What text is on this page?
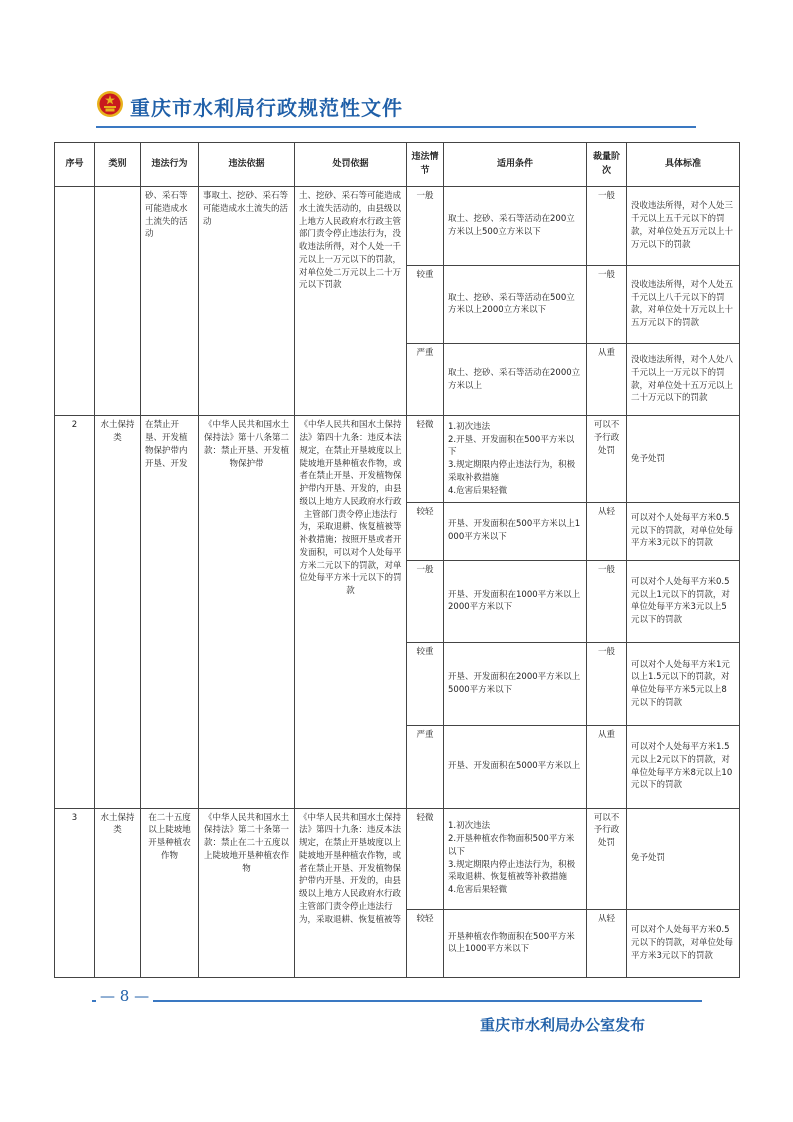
重庆市水利局行政规范性文件
序号	类别	违法行为	违法依据	处罚依据	违法情节	适用条件	裁量阶次	具体标准
		砂、采石等可能造成水土流失的活动	事取土、挖砂、采石等可能造成水土流失的活动	土、挖砂、采石等可能造成水土流失活动的，由县级以上地方人民政府水行政主管部门责令停止违法行为，没收违法所得，对个人处一千元以上一万元以下的罚款，对单位处二万元以上二十万元以下罚款	一般	取土、挖砂、采石等活动在200立方米以上500立方米以下	一般	没收违法所得，对个人处三千元以上五千元以下的罚款，对单位处五万元以上十万元以下的罚款
					较重	取土、挖砂、采石等活动在500立方米以上2000立方米以下	一般	没收违法所得，对个人处五千元以上八千元以下的罚款，对单位处十万元以上十五万元以下的罚款
					严重	取土、挖砂、采石等活动在2000立方米以上	从重	没收违法所得，对个人处八千元以上一万元以下的罚款，对单位处十五万元以上二十万元以下的罚款
2	水土保持类	在禁止开垦、开发植物保护带内开垦、开发	《中华人民共和国水土保持法》第十八条第二款：禁止开垦、开发植物保护带	《中华人民共和国水土保持法》第四十九条：违反本法规定，在禁止开垦坡度以上陡坡地开垦种植农作物，或者在禁止开垦、开发植物保护带内开垦、开发的，由县级以上地方人民政府水行政主管部门责令停止违法行为，采取退耕、恢复植被等补救措施；按照开垦或者开发面积，可以对个人处每平方米二元以下的罚款，对单位处每平方米十元以下的罚款	轻微	1.初次违法
2.开垦、开发面积在500平方米以下
3.规定期限内停止违法行为，积极采取补救措施
4.危害后果轻微	可以不予行政处罚	免予处罚
					较轻	开垦、开发面积在500平方米以上1000平方米以下	从轻	可以对个人处每平方米0.5元以下的罚款，对单位处每平方米3元以下的罚款
					一般	开垦、开发面积在1000平方米以上2000平方米以下	一般	可以对个人处每平方米0.5元以上1元以下的罚款，对单位处每平方米3元以上5元以下的罚款
					较重	开垦、开发面积在2000平方米以上5000平方米以下	一般	可以对个人处每平方米1元以上1.5元以下的罚款，对单位处每平方米5元以上8元以下的罚款
					严重	开垦、开发面积在5000平方米以上	从重	可以对个人处每平方米1.5元以上2元以下的罚款，对单位处每平方米8元以上10元以下的罚款
3	水土保持类	在二十五度以上陡坡地开垦种植农作物	《中华人民共和国水土保持法》第二十条第一款：禁止在二十五度以上陡坡地开垦种植农作物	《中华人民共和国水土保持法》第四十九条：违反本法规定，在禁止开垦坡度以上陡坡地开垦种植农作物，或者在禁止开垦、开发植物保护带内开垦、开发的，由县级以上地方人民政府水行政主管部门责令停止违法行为，采取退耕、恢复植被等	轻微	1.初次违法
2.开垦种植农作物面积500平方米以下
3.规定期限内停止违法行为，积极采取退耕、恢复植被等补救措施
4.危害后果轻微	可以不予行政处罚	免予处罚
					较轻	开垦种植农作物面积在500平方米以上1000平方米以下	从轻	可以对个人处每平方米0.5元以下的罚款，对单位处每平方米3元以下的罚款
— 8 —
重庆市水利局办公室发布
